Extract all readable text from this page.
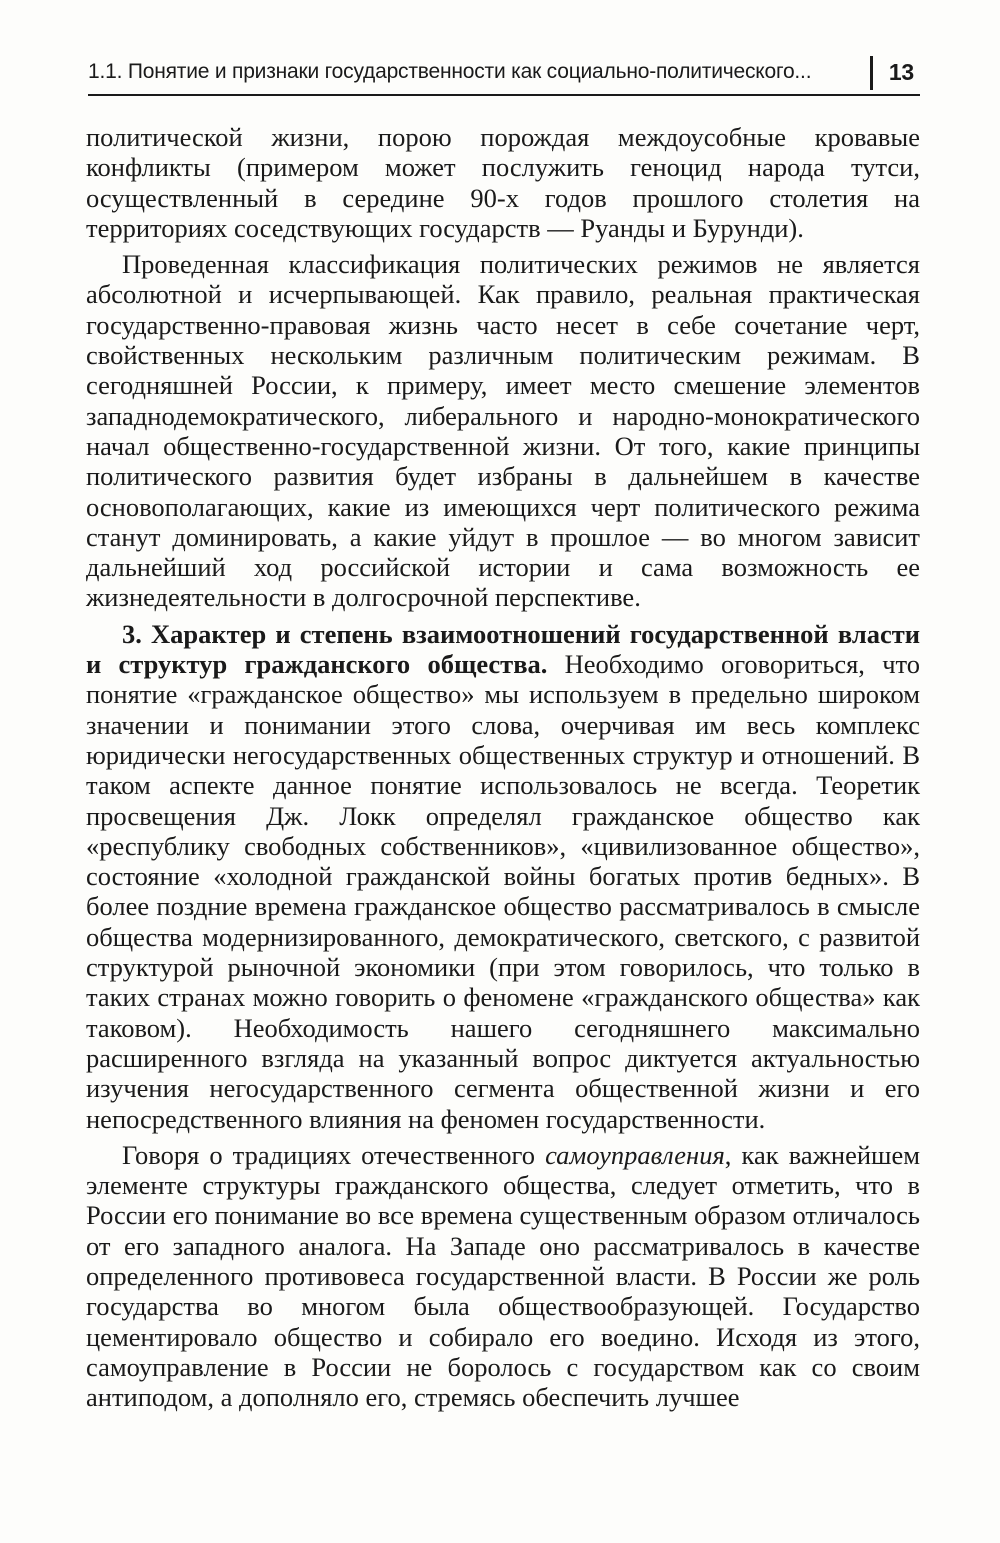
1.1. Понятие и признаки государственности как социально-политического...	13

политической жизни, порою порождая междоусобные кровавые конфликты (примером может послужить геноцид народа тутси, осуществленный в середине 90-х годов прошлого столетия на территориях соседствующих государств — Руанды и Бурунди).

Проведенная классификация политических режимов не является абсолютной и исчерпывающей. Как правило, реальная практическая государственно-правовая жизнь часто несет в себе сочетание черт, свойственных нескольким различным политическим режимам. В сегодняшней России, к примеру, имеет место смешение элементов западнодемократического, либерального и народно-монократического начал общественно-государственной жизни. От того, какие принципы политического развития будет избраны в дальнейшем в качестве основополагающих, какие из имеющихся черт политического режима станут доминировать, а какие уйдут в прошлое — во многом зависит дальнейший ход российской истории и сама возможность ее жизнедеятельности в долгосрочной перспективе.

3. Характер и степень взаимоотношений государственной власти и структур гражданского общества. Необходимо оговориться, что понятие «гражданское общество» мы используем в предельно широком значении и понимании этого слова, очерчивая им весь комплекс юридически негосударственных общественных структур и отношений. В таком аспекте данное понятие использовалось не всегда. Теоретик просвещения Дж. Локк определял гражданское общество как «республику свободных собственников», «цивилизованное общество», состояние «холодной гражданской войны богатых против бедных». В более поздние времена гражданское общество рассматривалось в смысле общества модернизированного, демократического, светского, с развитой структурой рыночной экономики (при этом говорилось, что только в таких странах можно говорить о феномене «гражданского общества» как таковом). Необходимость нашего сегодняшнего максимально расширенного взгляда на указанный вопрос диктуется актуальностью изучения негосударственного сегмента общественной жизни и его непосредственного влияния на феномен государственности.

Говоря о традициях отечественного самоуправления, как важнейшем элементе структуры гражданского общества, следует отметить, что в России его понимание во все времена существенным образом отличалось от его западного аналога. На Западе оно рассматривалось в качестве определенного противовеса государственной власти. В России же роль государства во многом была обществообразующей. Государство цементировало общество и собирало его воедино. Исходя из этого, самоуправление в России не боролось с государством как со своим антиподом, а дополняло его, стремясь обеспечить лучшее
